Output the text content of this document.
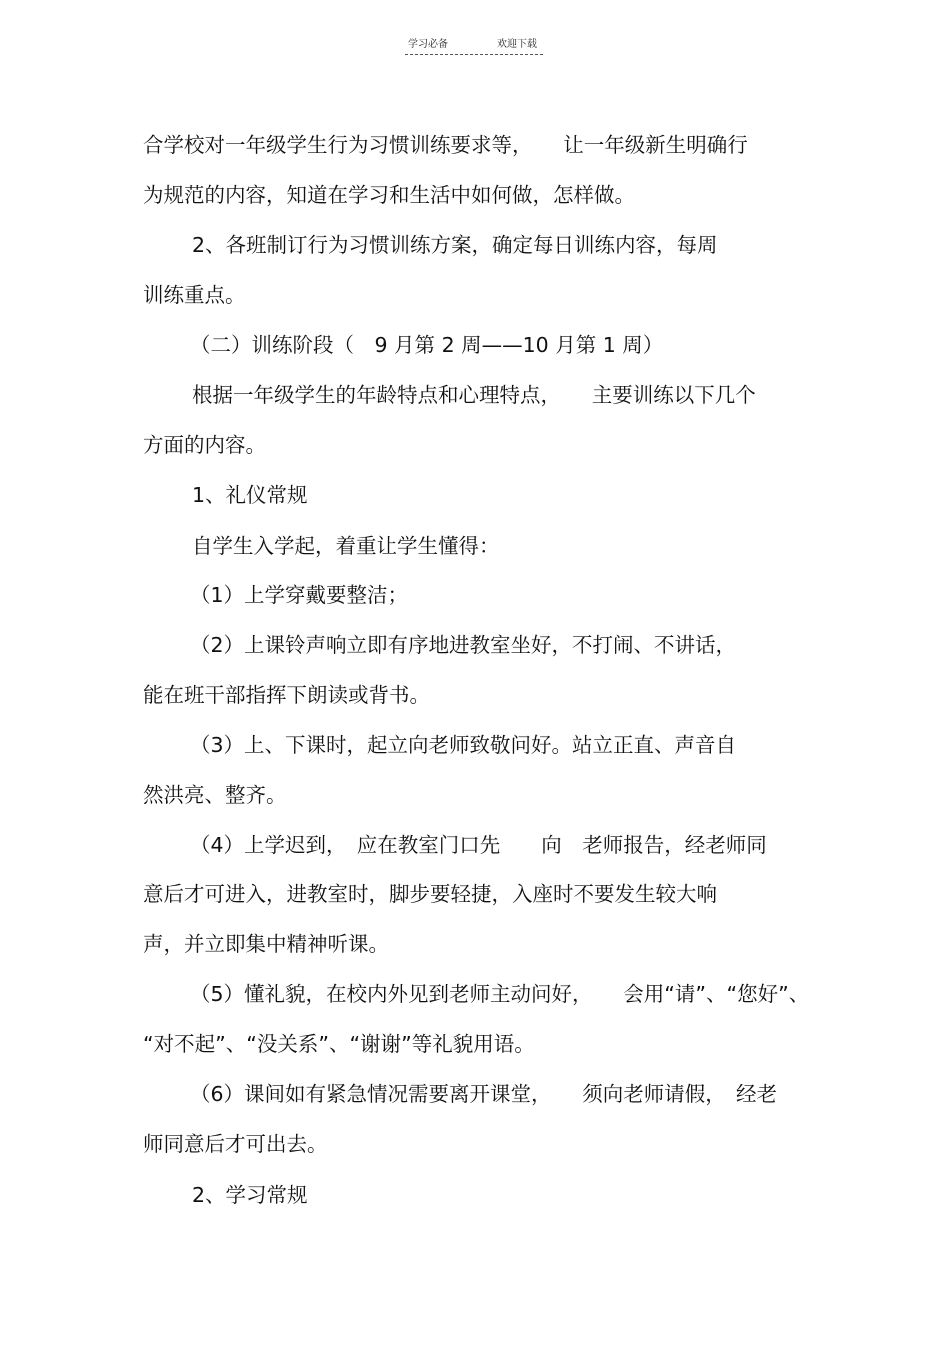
学习必备	欢迎下载

合学校对一年级学生行为习惯训练要求等，　　让一年级新生明确行

为规范的内容，知道在学习和生活中如何做，怎样做。

2、各班制订行为习惯训练方案，确定每日训练内容，每周

训练重点。

（二）训练阶段（　9 月第 2 周——10 月第 1 周）

根据一年级学生的年龄特点和心理特点，　　主要训练以下几个

方面的内容。

1、礼仪常规

自学生入学起，着重让学生懂得：

（1）上学穿戴要整洁；

（2）上课铃声响立即有序地进教室坐好，不打闹、不讲话，

能在班干部指挥下朗读或背书。

（3）上、下课时，起立向老师致敬问好。站立正直、声音自

然洪亮、整齐。

（4）上学迟到，　应在教室门口先　　向　老师报告，经老师同

意后才可进入，进教室时，脚步要轻捷，入座时不要发生较大响

声，并立即集中精神听课。

（5）懂礼貌，在校内外见到老师主动问好，　　会用“请”、“您好”、

“对不起”、“没关系”、“谢谢”等礼貌用语。

（6）课间如有紧急情况需要离开课堂，　　须向老师请假，　经老

师同意后才可出去。

2、学习常规
